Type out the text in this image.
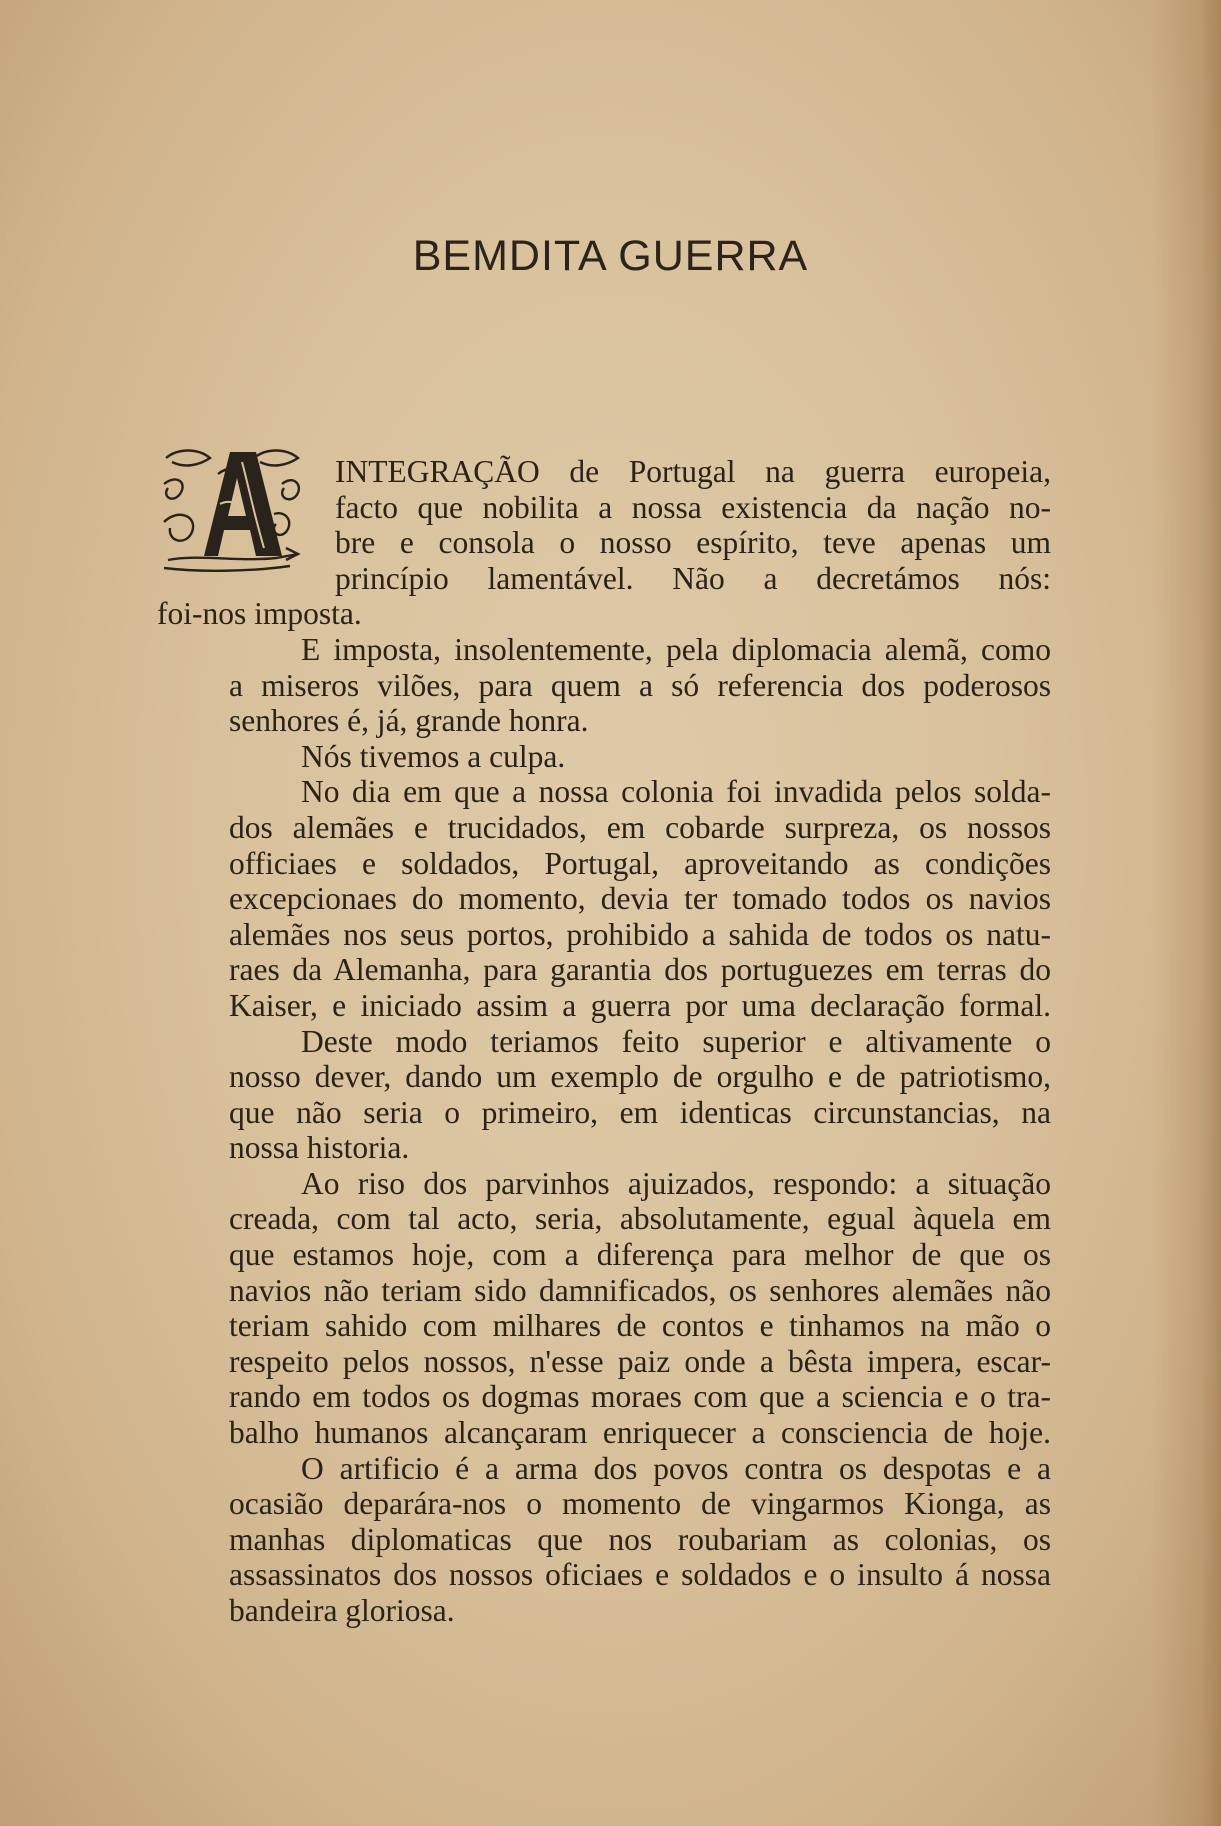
BEMDITA GUERRA
INTEGRAÇÃO de Portugal na guerra europeia,
facto que nobilita a nossa existencia da nação no-
bre e consola o nosso espírito, teve apenas um
princípio lamentável. Não a decretámos nós:
foi-nos imposta.
E imposta, insolentemente, pela diplomacia alemã, como
a miseros vilões, para quem a só referencia dos poderosos
senhores é, já, grande honra.
Nós tivemos a culpa.
No dia em que a nossa colonia foi invadida pelos solda-
dos alemães e trucidados, em cobarde surpreza, os nossos
officiaes e soldados, Portugal, aproveitando as condições
excepcionaes do momento, devia ter tomado todos os navios
alemães nos seus portos, prohibido a sahida de todos os natu-
raes da Alemanha, para garantia dos portuguezes em terras do
Kaiser, e iniciado assim a guerra por uma declaração formal.
Deste modo teriamos feito superior e altivamente o
nosso dever, dando um exemplo de orgulho e de patriotismo,
que não seria o primeiro, em identicas circunstancias, na
nossa historia.
Ao riso dos parvinhos ajuizados, respondo: a situação
creada, com tal acto, seria, absolutamente, egual àquela em
que estamos hoje, com a diferença para melhor de que os
navios não teriam sido damnificados, os senhores alemães não
teriam sahido com milhares de contos e tinhamos na mão o
respeito pelos nossos, n'esse paiz onde a bêsta impera, escar-
rando em todos os dogmas moraes com que a sciencia e o tra-
balho humanos alcançaram enriquecer a consciencia de hoje.
O artificio é a arma dos povos contra os despotas e a
ocasião deparára-nos o momento de vingarmos Kionga, as
manhas diplomaticas que nos roubariam as colonias, os
assassinatos dos nossos oficiaes e soldados e o insulto á nossa
bandeira gloriosa.
